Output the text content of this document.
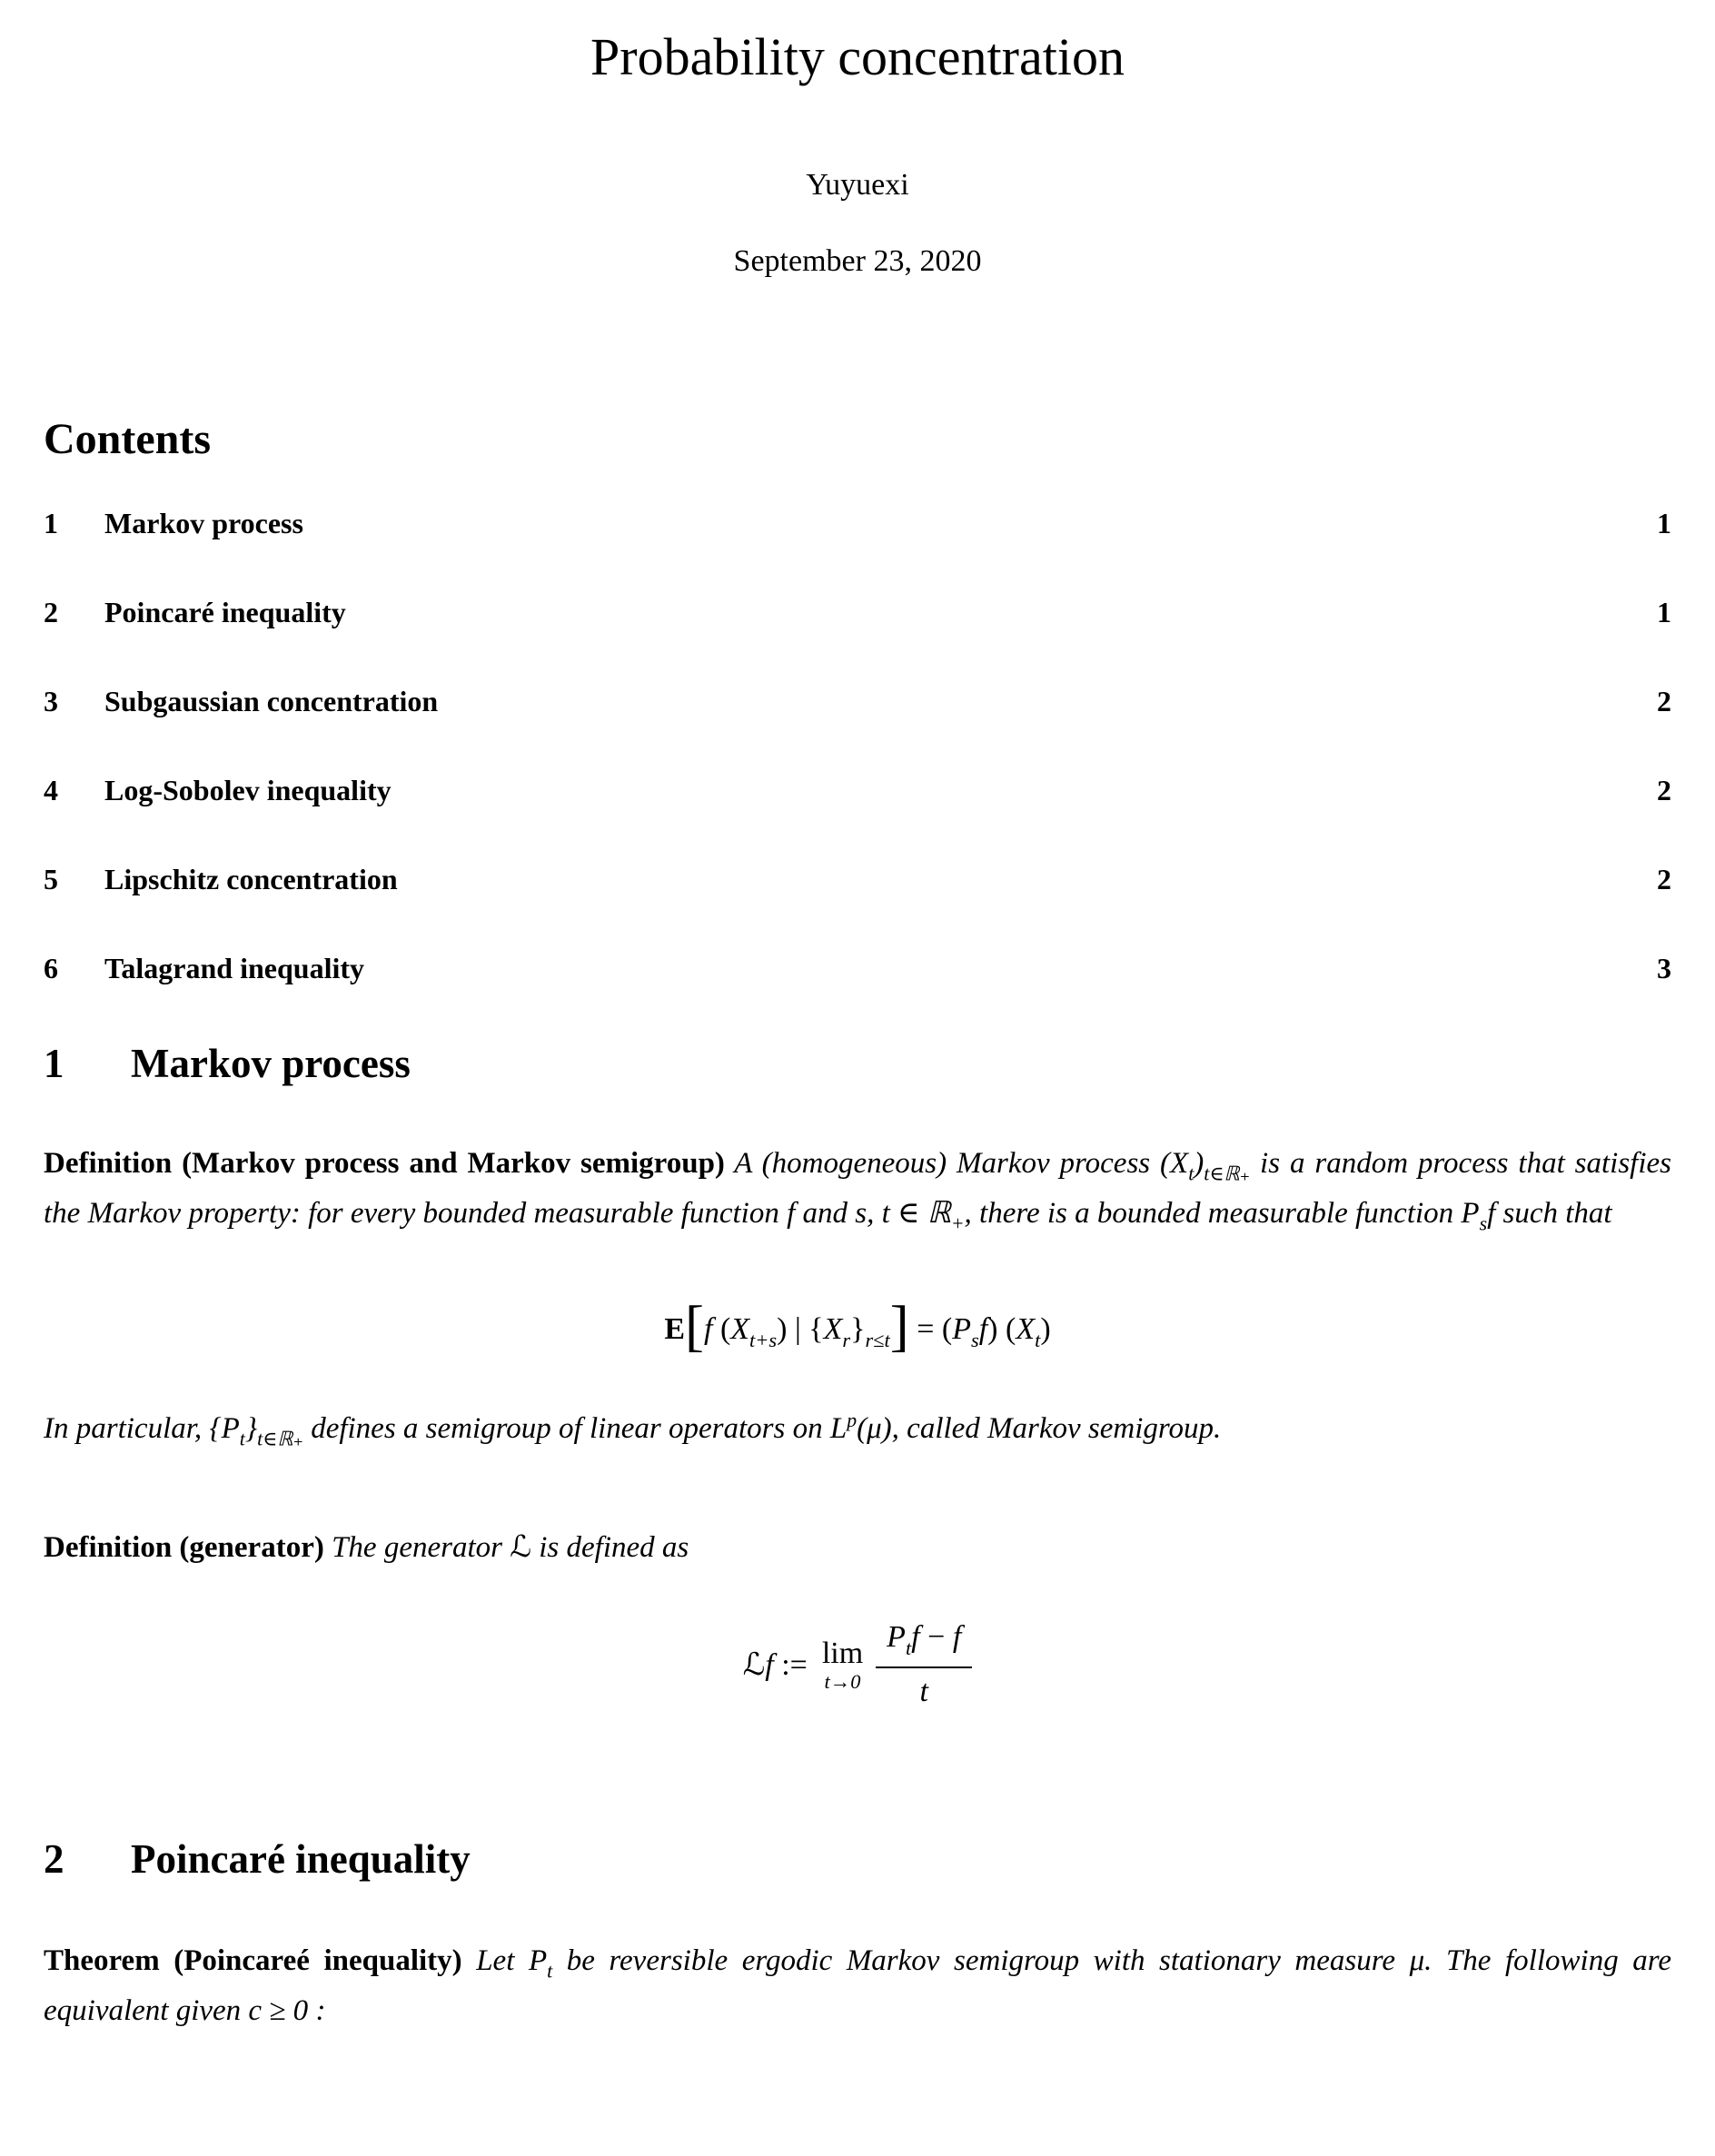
Probability concentration
Yuyuexi
September 23, 2020
Contents
1	Markov process	1
2	Poincaré inequality	1
3	Subgaussian concentration	2
4	Log-Sobolev inequality	2
5	Lipschitz concentration	2
6	Talagrand inequality	3
1	Markov process

Definition (Markov process and Markov semigroup) A (homogeneous) Markov process $(X_t)_{t\in ℝ_+}$ is a random process that satisfies the Markov property: for every bounded measurable function f and s, t ∈ ℝ$_+$, there is a bounded measurable function $P_sf$ such that

E[f $(X_{t+s})$ | $\{X_r\}_{r\le t}] = (P_sf)$ $(X_t)$

In particular, $\{P_t\}_{t\in ℝ_+}$ defines a semigroup of linear operators on $L^p(\mu)$, called Markov semigroup.

Definition (generator) The generator ℒ is defined as

ℒf := lim
$t\to 0 \frac{P_tf - f}{t}$
2	Poincaré inequality

Theorem (Poincareé inequality) Let $P_t$ be reversible ergodic Markov semigroup with stationary measure μ. The following are equivalent given c ≥ 0 :
